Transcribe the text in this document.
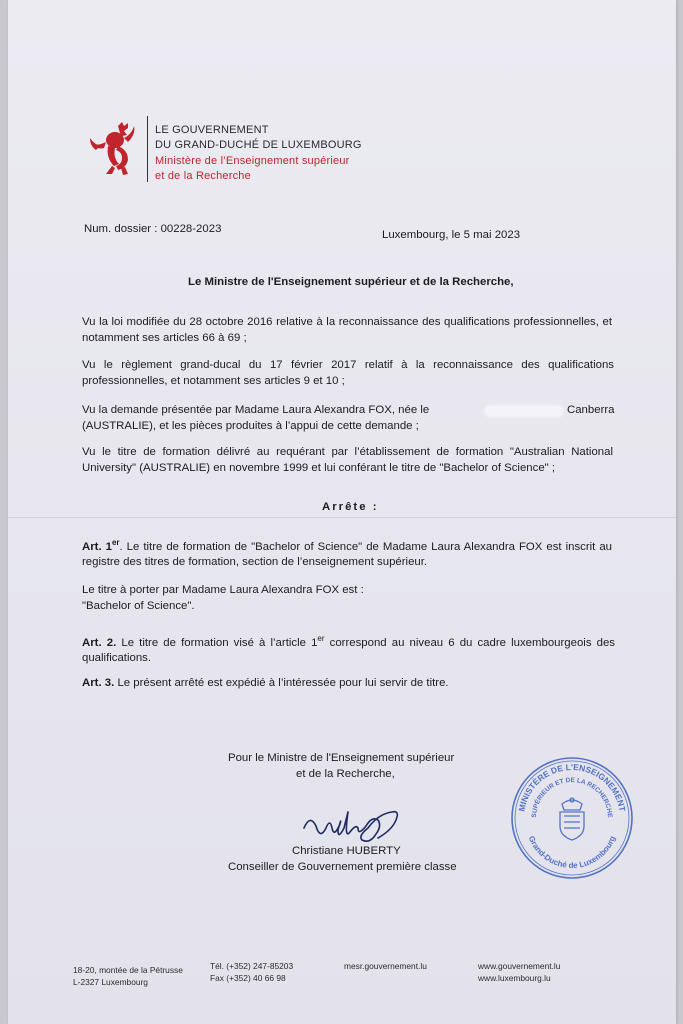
LE GOUVERNEMENT
DU GRAND-DUCHÉ DE LUXEMBOURG
Ministère de l’Enseignement supérieur
et de la Recherche
Num. dossier : 00228-2023	Luxembourg, le 5 mai 2023
Le Ministre de l'Enseignement supérieur et de la Recherche,
Vu la loi modifiée du 28 octobre 2016 relative à la reconnaissance des qualifications professionnelles, et notamment ses articles 66 à 69 ;
Vu le règlement grand-ducal du 17 février 2017 relatif à la reconnaissance des qualifications professionnelles, et notamment ses articles 9 et 10 ;
Vu la demande présentée par Madame Laura Alexandra FOX, née le	Canberra
(AUSTRALIE), et les pièces produites à l’appui de cette demande ;
Vu le titre de formation délivré au requérant par l’établissement de formation "Australian National University" (AUSTRALIE) en novembre 1999 et lui conférant le titre de "Bachelor of Science" ;
Arrête :
Art. 1er. Le titre de formation de "Bachelor of Science" de Madame Laura Alexandra FOX est inscrit au registre des titres de formation, section de l’enseignement supérieur.
Le titre à porter par Madame Laura Alexandra FOX est :
"Bachelor of Science".
Art. 2. Le titre de formation visé à l’article 1er correspond au niveau 6 du cadre luxembourgeois des qualifications.
Art. 3. Le présent arrêté est expédié à l’intéressée pour lui servir de titre.
Pour le Ministre de l'Enseignement supérieur
et de la Recherche,
Christiane HUBERTY
Conseiller de Gouvernement première classe
MINISTÈRE DE L'ENSEIGNEMENT
SUPÉRIEUR ET DE LA RECHERCHE
Grand-Duché de Luxembourg
18-20, montée de la Pétrusse
L-2327 Luxembourg
Tél. (+352) 247-85203
Fax (+352) 40 66 98
mesr.gouvernement.lu	www.gouvernement.lu
www.luxembourg.lu
